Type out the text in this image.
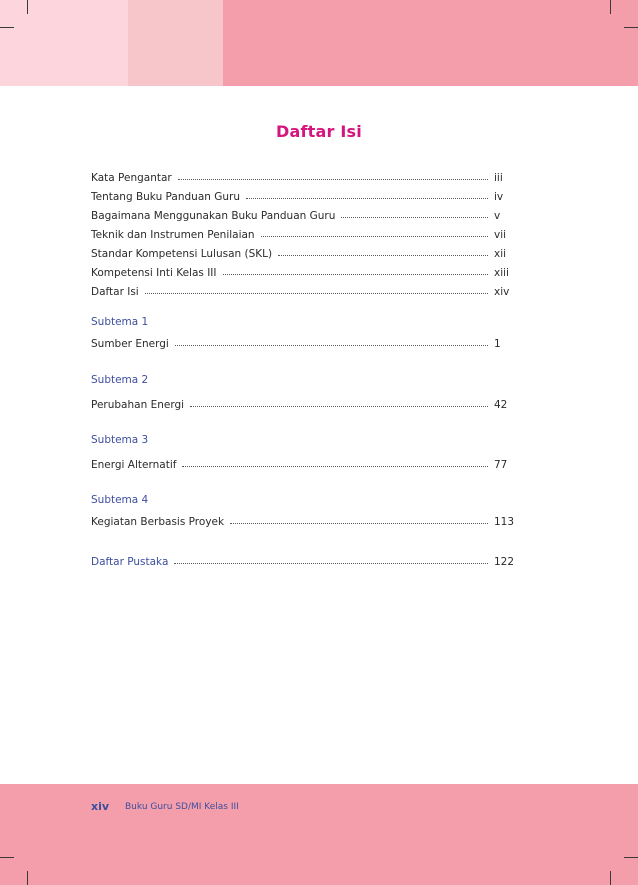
Daftar Isi
Kata Pengantar	iii
Tentang Buku Panduan Guru	iv
Bagaimana Menggunakan Buku Panduan Guru	v
Teknik dan Instrumen Penilaian	vii
Standar Kompetensi Lulusan (SKL)	xii
Kompetensi Inti Kelas III	xiii
Daftar Isi	xiv
Subtema 1
Sumber Energi	1
Subtema 2
Perubahan Energi	42
Subtema 3
Energi Alternatif	77
Subtema 4
Kegiatan Berbasis Proyek	113
Daftar Pustaka	122
xiv Buku Guru SD/MI Kelas III
